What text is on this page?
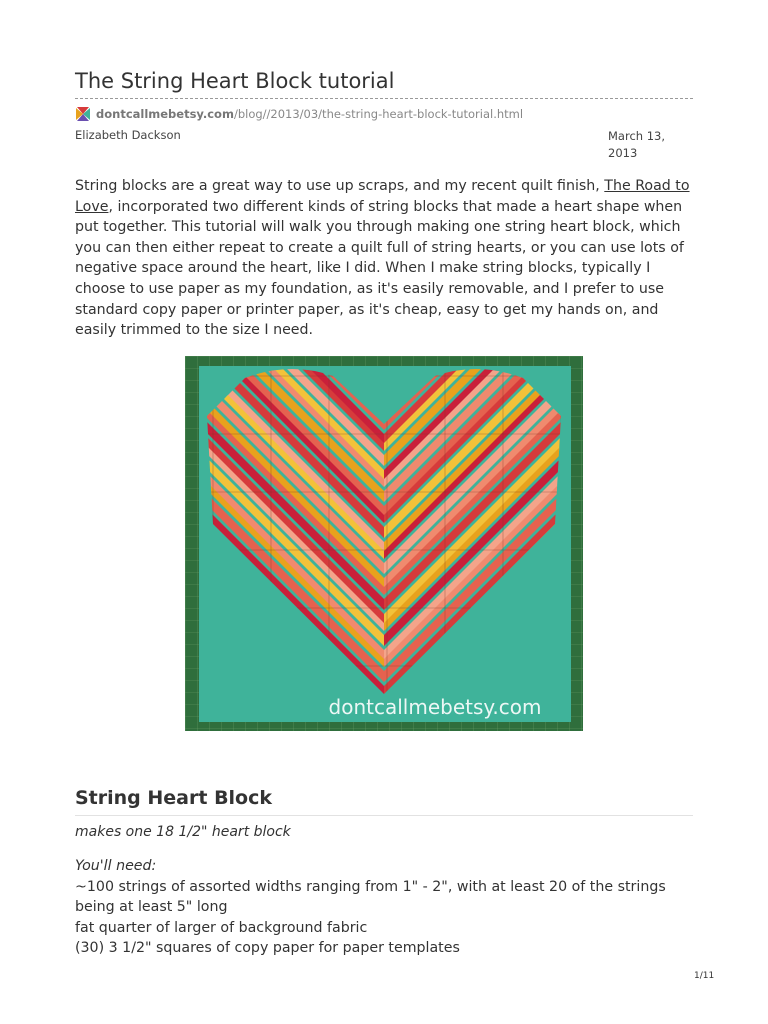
The String Heart Block tutorial
dontcallmebetsy.com /blog//2013/03/the-string-heart-block-tutorial.html
Elizabeth Dackson	March 13,
2013

String blocks are a great way to use up scraps, and my recent quilt finish, The Road to Love, incorporated two different kinds of string blocks that made a heart shape when put together. This tutorial will walk you through making one string heart block, which you can then either repeat to create a quilt full of string hearts, or you can use lots of negative space around the heart, like I did. When I make string blocks, typically I choose to use paper as my foundation, as it's easily removable, and I prefer to use standard copy paper or printer paper, as it's cheap, easy to get my hands on, and easily trimmed to the size I need.

dontcallmebetsy.com
String Heart Block
makes one 18 1/2" heart block
You'll need:
~100 strings of assorted widths ranging from 1" - 2", with at least 20 of the strings being at least 5" long
fat quarter of larger of background fabric
(30) 3 1/2" squares of copy paper for paper templates
1/11
